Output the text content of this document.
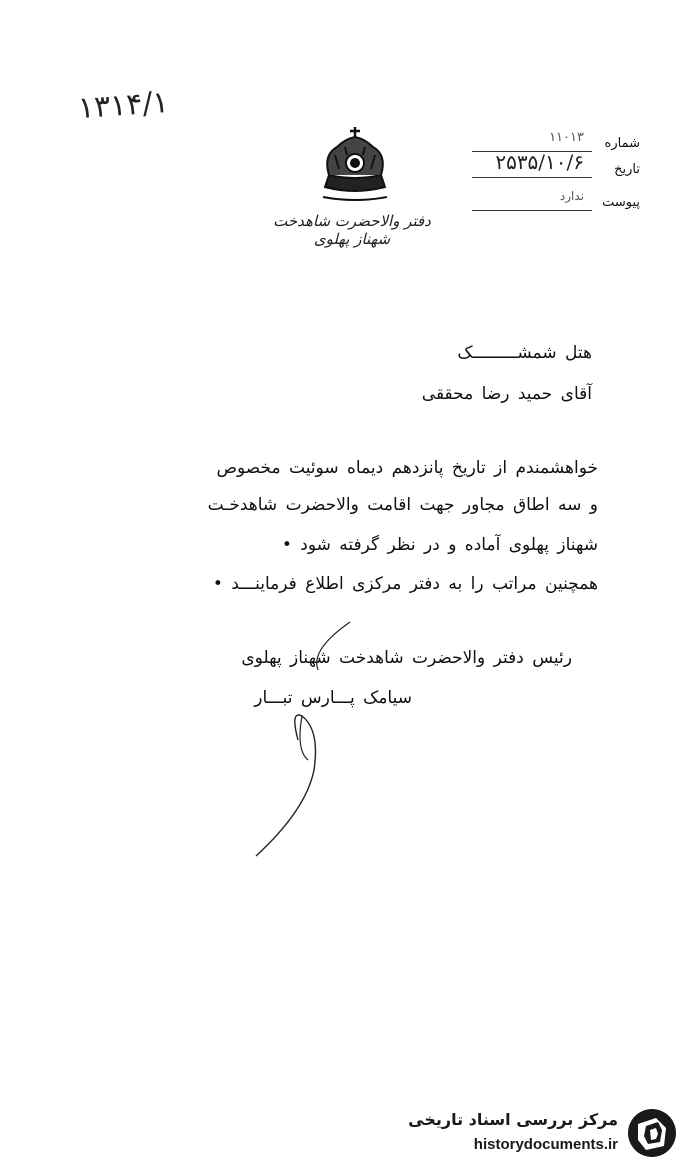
۱۳۱۴/۱
دفتر والاحضرت شاهدخت شهناز پهلوی
شماره
۱۱۰۱۳
تاریخ
۲۵۳۵/۱۰/۶
پیوست
ندارد
هتل شمشـــــــــک
آقای حمید رضا محققی
خواهشمندم از تاریخ پانزدهم دیماه سوئیت مخصوص
و سه اطاق مجاور جهت اقامت والاحضرت شاهدخـت
شهناز پهلوی آماده و در نظر گرفته شود •
همچنین مراتب را به دفتر مرکزی اطلاع فرماینـــد •
رئیس دفتر والاحضرت شاهدخت شهناز پهلوی
سیامک پـــارس تبـــار
مرکز بررسی اسناد تاریخی
historydocuments.ir
